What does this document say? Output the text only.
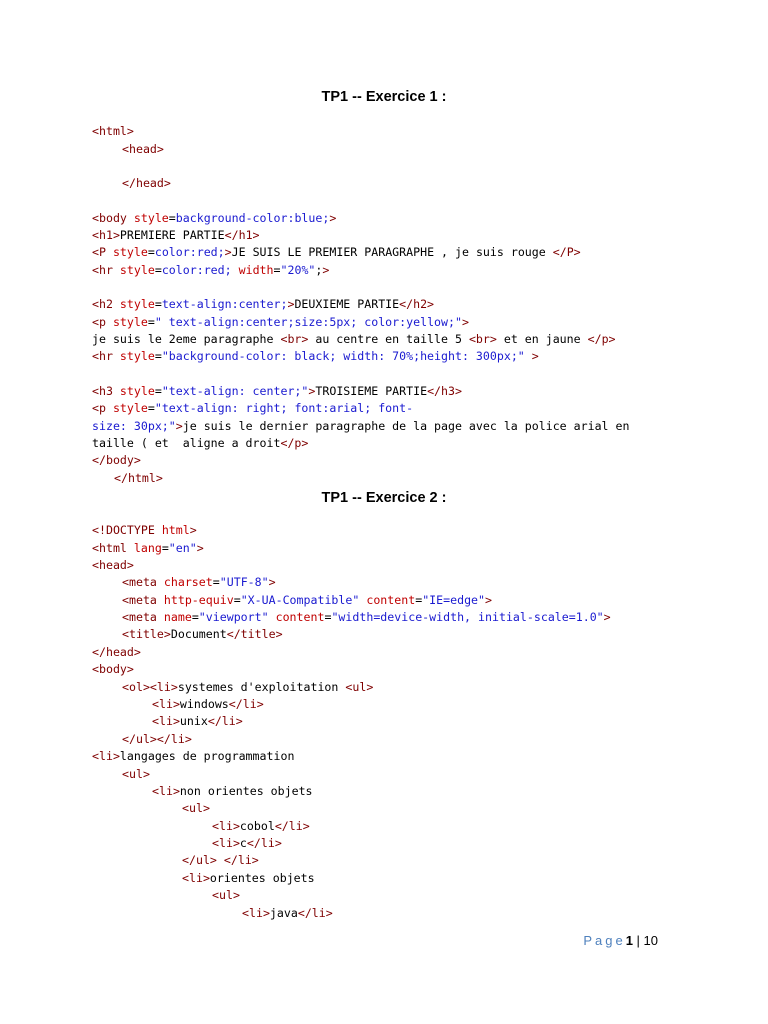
TP1 -- Exercice 1 :
TP1 -- Exercice 2 :
<html>
<head>
</head>
<body style=background-color:blue;>
<h1>PREMIERE PARTIE</h1>
<P style=color:red;>JE SUIS LE PREMIER PARAGRAPHE , je suis rouge </P>
<hr style=color:red; width="20%";>
<h2 style=text-align:center;>DEUXIEME PARTIE</h2>
<p style=" text-align:center;size:5px; color:yellow;">
je suis le 2eme paragraphe <br> au centre en taille 5 <br> et en jaune </p>
<hr style="background-color: black; width: 70%;height: 300px;" >
<h3 style="text-align: center;">TROISIEME PARTIE</h3>
<p style="text-align: right; font:arial; font-
size: 30px;">je suis le dernier paragraphe de la page avec la police arial en
taille ( et  aligne a droit</p>
</body>
</html>
<!DOCTYPE html>
<html lang="en">
<head>
<meta charset="UTF-8">
<meta http-equiv="X-UA-Compatible" content="IE=edge">
<meta name="viewport" content="width=device-width, initial-scale=1.0">
<title>Document</title>
</head>
<body>
<ol><li>systemes d'exploitation <ul>
<li>windows</li>
<li>unix</li>
</ul></li>
<li>langages de programmation
<ul>
<li>non orientes objets
<ul>
<li>cobol</li>
<li>c</li>
</ul> </li>
<li>orientes objets
<ul>
<li>java</li>
Page1 | 10
